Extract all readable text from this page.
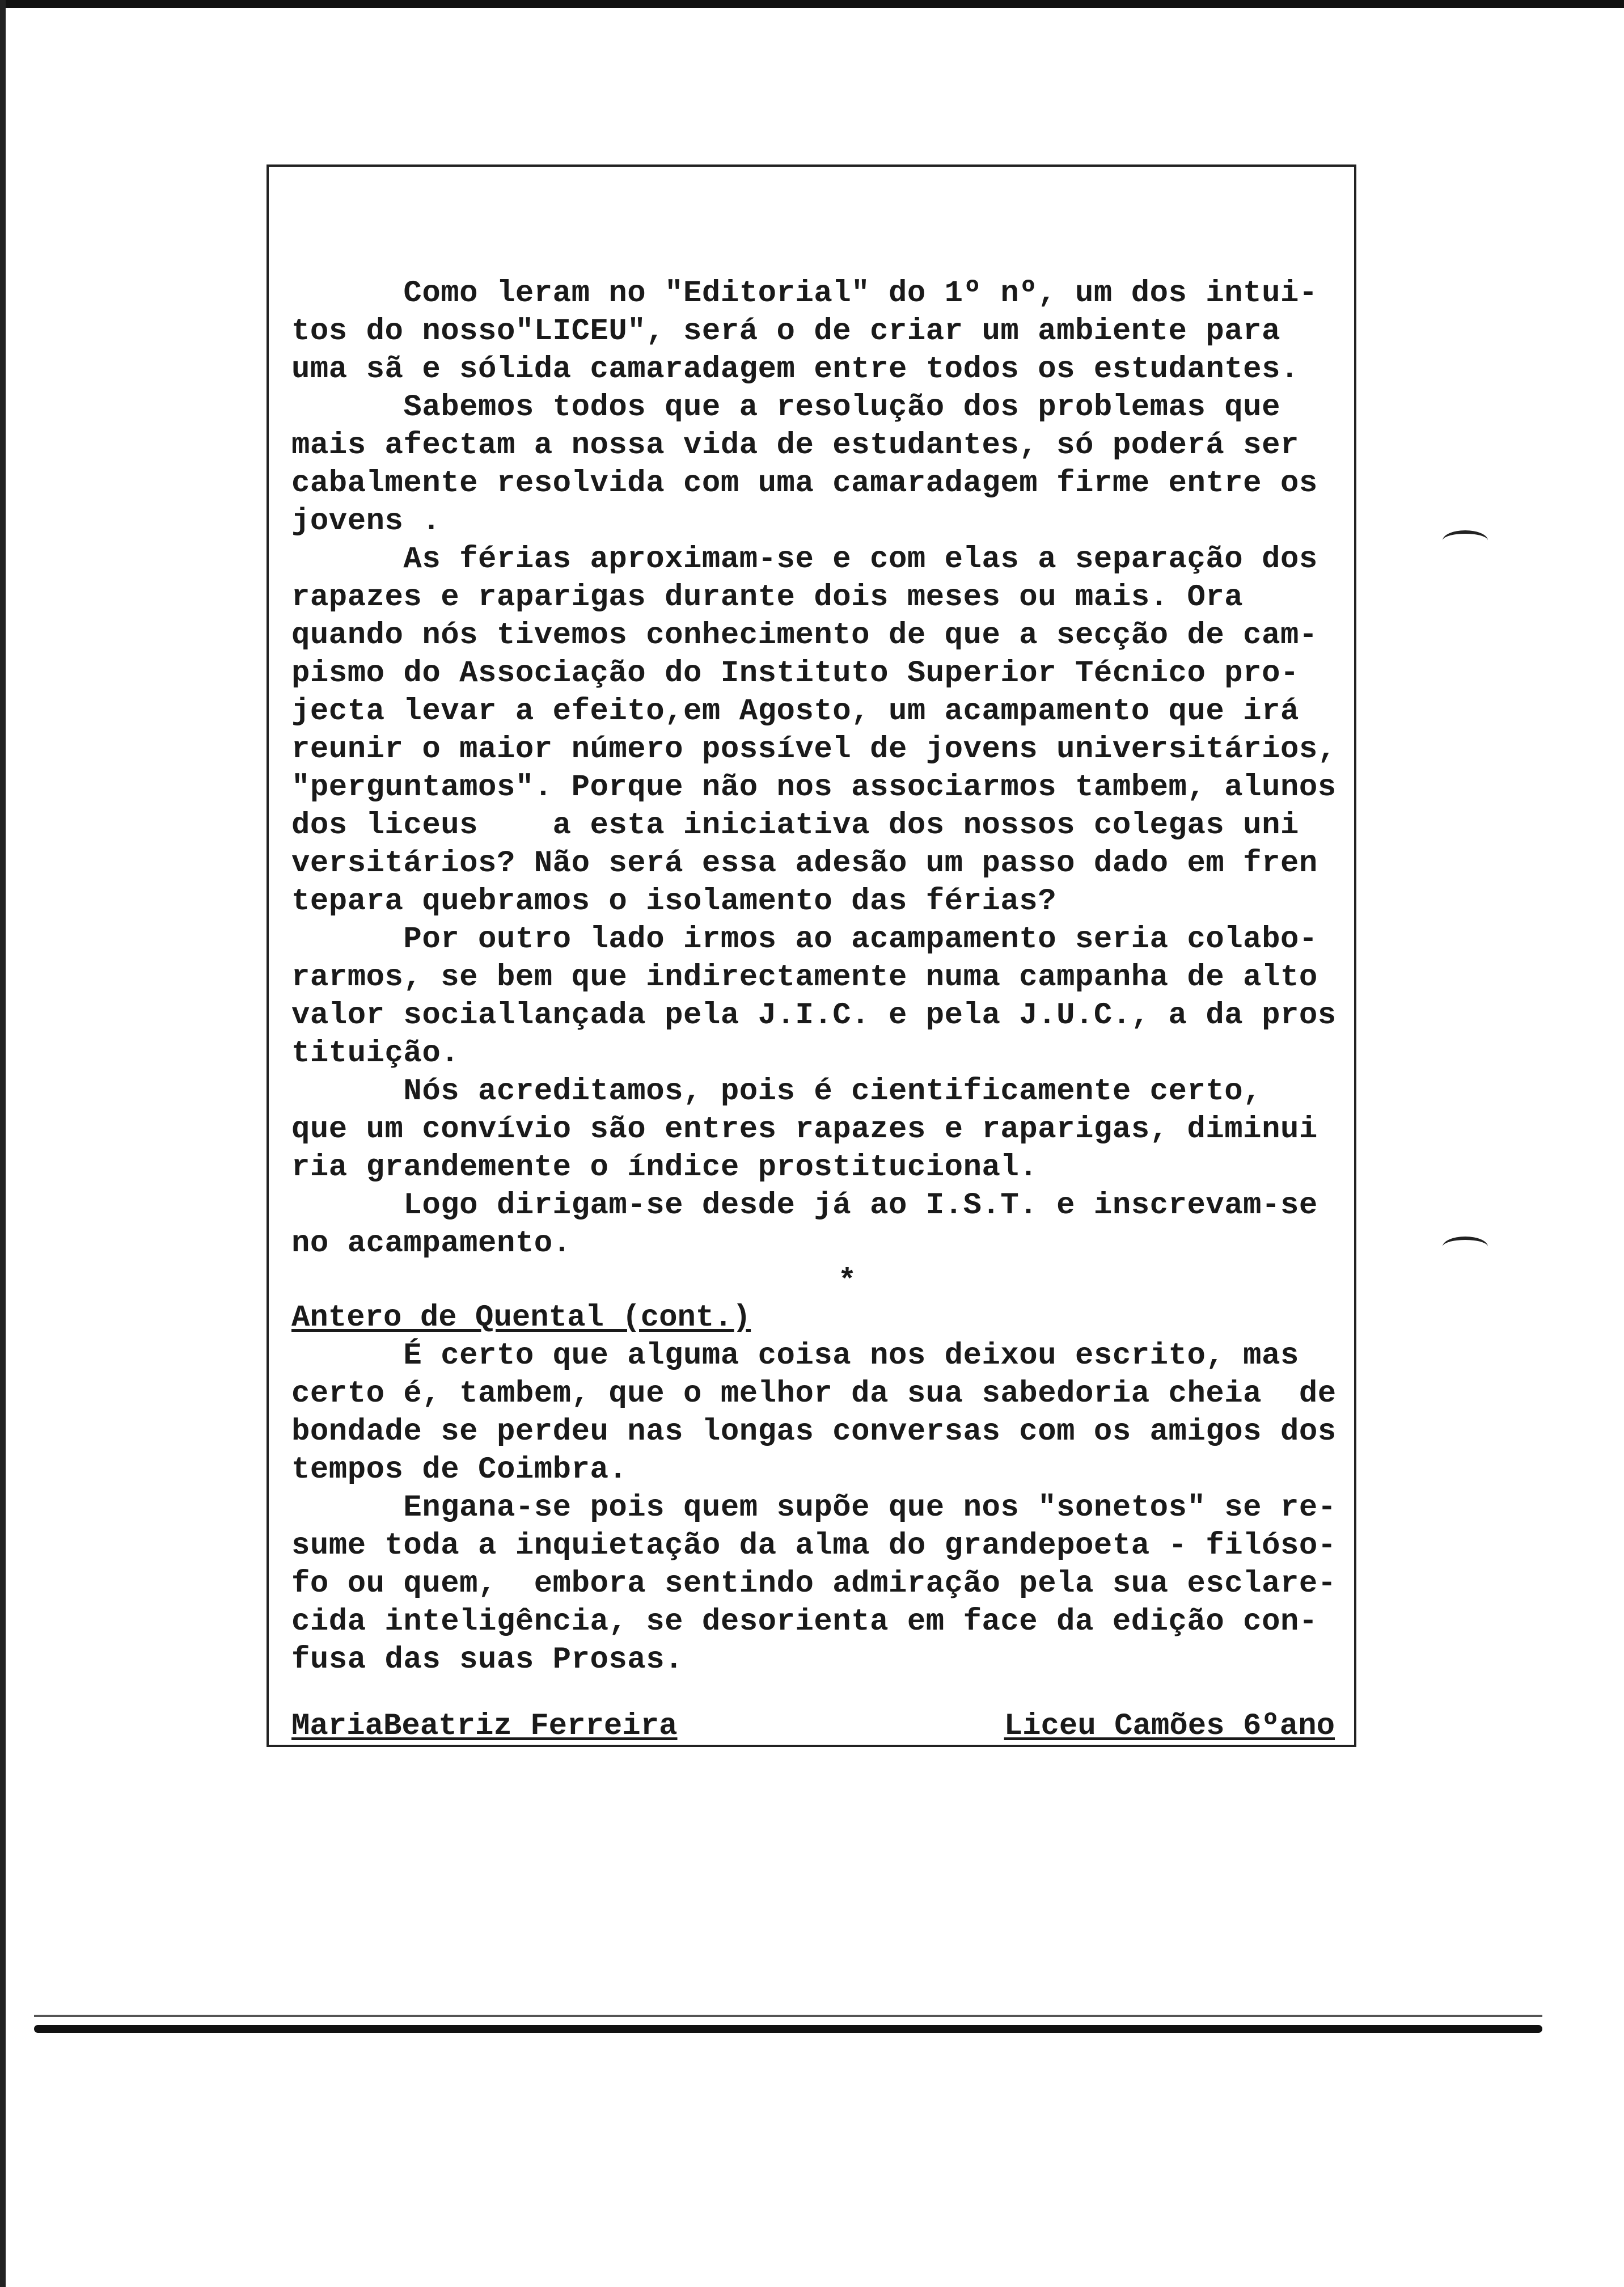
Como leram no "Editorial" do 1º nº, um dos intui-
tos do nosso"LICEU", será o de criar um ambiente para
uma sã e sólida camaradagem entre todos os estudantes.

Sabemos todos que a resolução dos problemas que
mais afectam a nossa vida de estudantes, só poderá ser
cabalmente resolvida com uma camaradagem firme entre os
jovens .

As férias aproximam-se e com elas a separação dos
rapazes e raparigas durante dois meses ou mais. Ora
quando nós tivemos conhecimento de que a secção de cam-
pismo do Associação do Instituto Superior Técnico pro-
jecta levar a efeito,em Agosto, um acampamento que irá
reunir o maior número possível de jovens universitários,
"perguntamos". Porque não nos associarmos tambem, alunos
dos liceus    a esta iniciativa dos nossos colegas uni
versitários? Não será essa adesão um passo dado em fren
tepara quebramos o isolamento das férias?

Por outro lado irmos ao acampamento seria colabo-
rarmos, se bem que indirectamente numa campanha de alto
valor sociallançada pela J.I.C. e pela J.U.C., a da pros
tituição.

Nós acreditamos, pois é cientificamente certo,
que um convívio são entres rapazes e raparigas, diminui
ria grandemente o índice prostitucional.

Logo dirigam-se desde já ao I.S.T. e inscrevam-se
no acampamento.

*
Antero de Quental (cont.)

É certo que alguma coisa nos deixou escrito, mas
certo é, tambem, que o melhor da sua sabedoria cheia  de
bondade se perdeu nas longas conversas com os amigos dos
tempos de Coimbra.

Engana-se pois quem supõe que nos "sonetos" se re-
sume toda a inquietação da alma do grandepoeta - filóso-
fo ou quem,  embora sentindo admiração pela sua esclare-
cida inteligência, se desorienta em face da edição con-
fusa das suas Prosas.

MariaBeatriz Ferreira	Liceu Camões 6ºano
